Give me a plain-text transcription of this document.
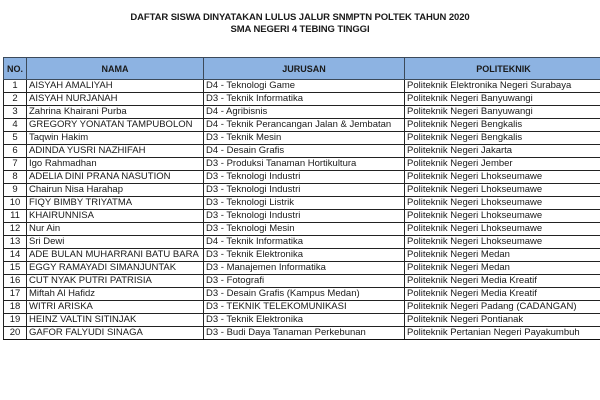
DAFTAR SISWA DINYATAKAN LULUS JALUR SNMPTN POLTEK TAHUN 2020
SMA NEGERI 4 TEBING TINGGI
NO.	NAMA	JURUSAN	POLITEKNIK
1	AISYAH AMALIYAH	D4 - Teknologi Game	Politeknik Elektronika Negeri Surabaya
2	AISYAH NURJANAH	D3 - Teknik Informatika	Politeknik Negeri Banyuwangi
3	Zahrina Khairani Purba	D4 - Agribisnis	Politeknik Negeri Banyuwangi
4	GREGORY YONATAN TAMPUBOLON	D4 - Teknik Perancangan Jalan & Jembatan	Politeknik Negeri Bengkalis
5	Taqwin Hakim	D3 - Teknik Mesin	Politeknik Negeri Bengkalis
6	ADINDA YUSRI NAZHIFAH	D4 - Desain Grafis	Politeknik Negeri Jakarta
7	Igo Rahmadhan	D3 - Produksi Tanaman Hortikultura	Politeknik Negeri Jember
8	ADELIA DINI PRANA NASUTION	D3 - Teknologi Industri	Politeknik Negeri Lhokseumawe
9	Chairun Nisa Harahap	D3 - Teknologi Industri	Politeknik Negeri Lhokseumawe
10	FIQY BIMBY TRIYATMA	D3 - Teknologi Listrik	Politeknik Negeri Lhokseumawe
11	KHAIRUNNISA	D3 - Teknologi Industri	Politeknik Negeri Lhokseumawe
12	Nur Ain	D3 - Teknologi Mesin	Politeknik Negeri Lhokseumawe
13	Sri Dewi	D4 - Teknik Informatika	Politeknik Negeri Lhokseumawe
14	ADE BULAN MUHARRANI BATU BARA	D3 - Teknik Elektronika	Politeknik Negeri Medan
15	EGGY RAMAYADI SIMANJUNTAK	D3 - Manajemen Informatika	Politeknik Negeri Medan
16	CUT NYAK PUTRI PATRISIA	D3 - Fotografi	Politeknik Negeri Media Kreatif
17	Miftah Al Hafidz	D3 - Desain Grafis (Kampus Medan)	Politeknik Negeri Media Kreatif
18	WITRI ARISKA	D3 - TEKNIK TELEKOMUNIKASI	Politeknik Negeri Padang (CADANGAN)
19	HEINZ VALTIN SITINJAK	D3 - Teknik Elektronika	Politeknik Negeri Pontianak
20	GAFOR FALYUDI SINAGA	D3 - Budi Daya Tanaman Perkebunan	Politeknik Pertanian Negeri Payakumbuh
